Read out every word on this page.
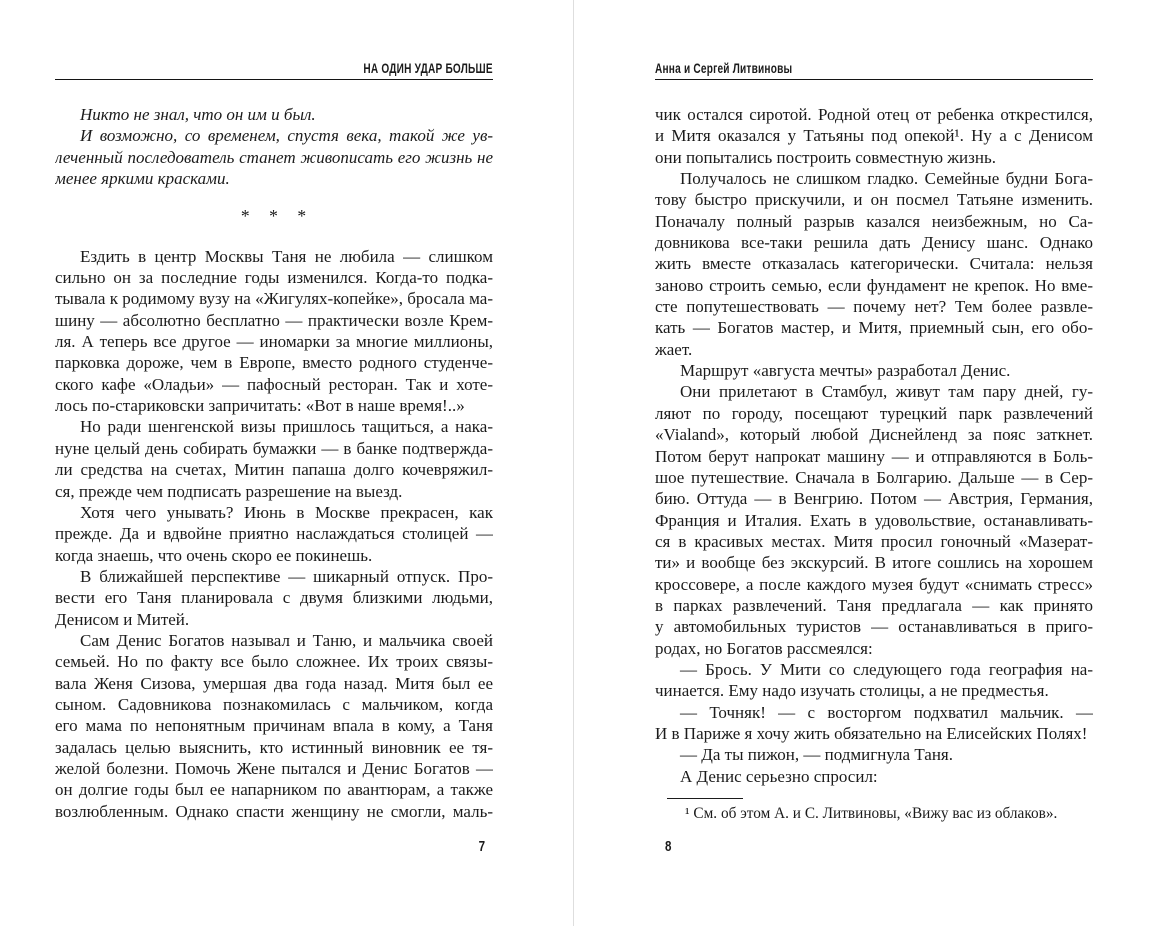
НА ОДИН УДАР БОЛЬШЕ
Никто не знал, что он им и был.
И возможно, со временем, спустя века, такой же ув-
леченный последователь станет живописать его жизнь не
менее яркими красками.
* * *
Ездить в центр Москвы Таня не любила — слишком
сильно он за последние годы изменился. Когда-то подка-
тывала к родимому вузу на «Жигулях-копейке», бросала ма-
шину — абсолютно бесплатно — практически возле Крем-
ля. А теперь все другое — иномарки за многие миллионы,
парковка дороже, чем в Европе, вместо родного студенче-
ского кафе «Оладьи» — пафосный ресторан. Так и хоте-
лось по-стариковски запричитать: «Вот в наше время!..»
Но ради шенгенской визы пришлось тащиться, а нака-
нуне целый день собирать бумажки — в банке подтвержда-
ли средства на счетах, Митин папаша долго кочевряжил-
ся, прежде чем подписать разрешение на выезд.
Хотя чего унывать? Июнь в Москве прекрасен, как
прежде. Да и вдвойне приятно наслаждаться столицей —
когда знаешь, что очень скоро ее покинешь.
В ближайшей перспективе — шикарный отпуск. Про-
вести его Таня планировала с двумя близкими людьми,
Денисом и Митей.
Сам Денис Богатов называл и Таню, и мальчика своей
семьей. Но по факту все было сложнее. Их троих связы-
вала Женя Сизова, умершая два года назад. Митя был ее
сыном. Садовникова познакомилась с мальчиком, когда
его мама по непонятным причинам впала в кому, а Таня
задалась целью выяснить, кто истинный виновник ее тя-
желой болезни. Помочь Жене пытался и Денис Богатов —
он долгие годы был ее напарником по авантюрам, а также
возлюбленным. Однако спасти женщину не смогли, маль-
7
Анна и Сергей Литвиновы
чик остался сиротой. Родной отец от ребенка открестился,
и Митя оказался у Татьяны под опекой¹. Ну а с Денисом
они попытались построить совместную жизнь.
Получалось не слишком гладко. Семейные будни Бога-
тову быстро прискучили, и он посмел Татьяне изменить.
Поначалу полный разрыв казался неизбежным, но Са-
довникова все-таки решила дать Денису шанс. Однако
жить вместе отказалась категорически. Считала: нельзя
заново строить семью, если фундамент не крепок. Но вме-
сте попутешествовать — почему нет? Тем более развле-
кать — Богатов мастер, и Митя, приемный сын, его обо-
жает.
Маршрут «августа мечты» разработал Денис.
Они прилетают в Стамбул, живут там пару дней, гу-
ляют по городу, посещают турецкий парк развлечений
«Vialand», который любой Диснейленд за пояс заткнет.
Потом берут напрокат машину — и отправляются в Боль-
шое путешествие. Сначала в Болгарию. Дальше — в Сер-
бию. Оттуда — в Венгрию. Потом — Австрия, Германия,
Франция и Италия. Ехать в удовольствие, останавливать-
ся в красивых местах. Митя просил гоночный «Мазерат-
ти» и вообще без экскурсий. В итоге сошлись на хорошем
кроссовере, а после каждого музея будут «снимать стресс»
в парках развлечений. Таня предлагала — как принято
у автомобильных туристов — останавливаться в приго-
родах, но Богатов рассмеялся:
— Брось. У Мити со следующего года география на-
чинается. Ему надо изучать столицы, а не предместья.
— Точняк! — с восторгом подхватил мальчик. —
И в Париже я хочу жить обязательно на Елисейских Полях!
— Да ты пижон, — подмигнула Таня.
А Денис серьезно спросил:
¹ См. об этом А. и С. Литвиновы, «Вижу вас из облаков».
8
